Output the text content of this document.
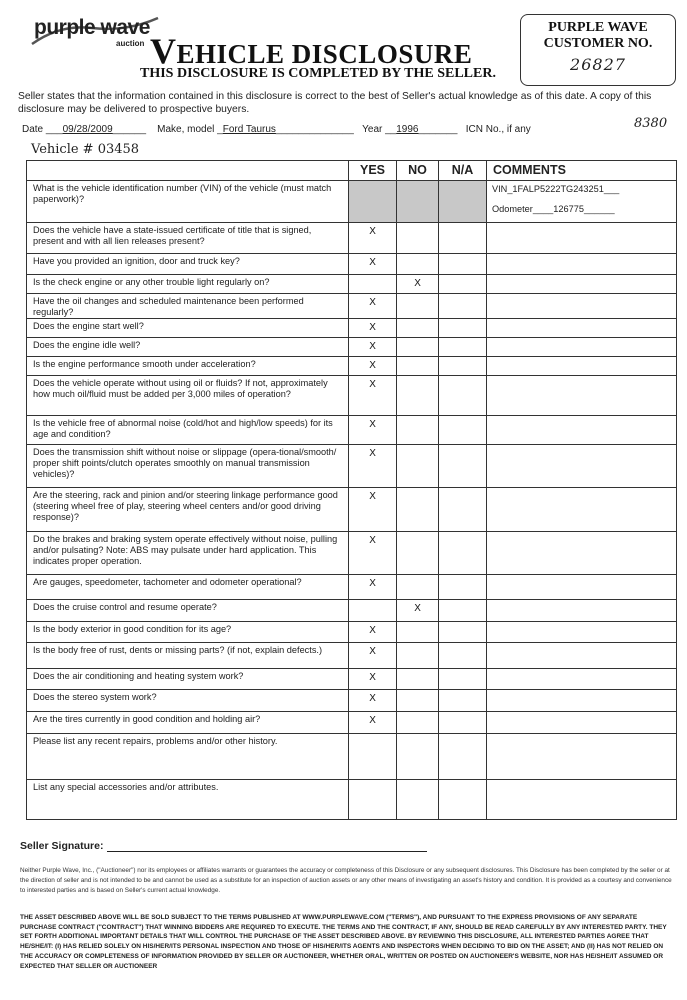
purple wave
auction VEHICLE DISCLOSURE
THIS DISCLOSURE IS COMPLETED BY THE SELLER.
PURPLE WAVE
CUSTOMER NO.
26827
Seller states that the information contained in this disclosure is correct to the best of Seller's actual knowledge as of this date. A copy of this disclosure may be delivered to prospective buyers.
Date ___09/28/2009______    Make, model _Ford Taurus______________   Year __1996_______   ICN No., if any	8380
Vehicle # 03458
	YES	NO	N/A	COMMENTS
What is the vehicle identification number (VIN) of the vehicle (must match paperwork)?				VIN_1FALP5222TG243251___
Odometer____126775______

Does the vehicle have a state-issued certificate of title that is signed, present and with all lien releases present?	X			
Have you provided an ignition, door and truck key?	X			
Is the check engine or any other trouble light regularly on?		X		
Have the oil changes and scheduled maintenance been performed regularly?	X			
Does the engine start well?	X			
Does the engine idle well?	X			
Is the engine performance smooth under acceleration?	X			
Does the vehicle operate without using oil or fluids? If not, approximately how much oil/fluid must be added per 3,000 miles of operation?	X			
Is the vehicle free of abnormal noise (cold/hot and high/low speeds) for its age and condition?	X			
Does the transmission shift without noise or slippage (opera-tional/smooth/ proper shift points/clutch operates smoothly on manual transmission vehicles)?	X			
Are the steering, rack and pinion and/or steering linkage performance good (steering wheel free of play, steering wheel centers and/or good driving response)?	X			
Do the brakes and braking system operate effectively without noise, pulling and/or pulsating? Note: ABS may pulsate under hard application. This indicates proper operation.	X			
Are gauges, speedometer, tachometer and odometer operational?	X			
Does the cruise control and resume operate?		X		
Is the body exterior in good condition for its age?	X			
Is the body free of rust, dents or missing parts? (if not, explain defects.)	X			
Does the air conditioning and heating system work?	X			
Does the stereo system work?	X			
Are the tires currently in good condition and holding air?	X			
Please list any recent repairs, problems and/or other history.				
List any special accessories and/or attributes.				
Seller Signature:
Neither Purple Wave, Inc., ("Auctioneer") nor its employees or affiliates warrants or guarantees the accuracy or completeness of this Disclosure or any subsequent disclosures. This Disclosure has been completed by the seller or at the direction of seller and is not intended to be and cannot be used as a substitute for an inspection of auction assets or any other means of investigating an asset's history and condition. It is provided as a courtesy and convenience to interested parties and is based on Seller's current actual knowledge.
THE ASSET DESCRIBED ABOVE WILL BE SOLD SUBJECT TO THE TERMS PUBLISHED AT WWW.PURPLEWAVE.COM ("TERMS"), AND PURSUANT TO THE EXPRESS PROVISIONS OF ANY SEPARATE PURCHASE CONTRACT ("CONTRACT") THAT WINNING BIDDERS ARE REQUIRED TO EXECUTE. THE TERMS AND THE CONTRACT, IF ANY, SHOULD BE READ CAREFULLY BY ANY INTERESTED PARTY. THEY SET FORTH ADDITIONAL IMPORTANT DETAILS THAT WILL CONTROL THE PURCHASE OF THE ASSET DESCRIBED ABOVE. BY REVIEWING THIS DISCLOSURE, ALL INTERESTED PARTIES AGREE THAT HE/SHE/IT: (I) HAS RELIED SOLELY ON HIS/HER/ITS PERSONAL INSPECTION AND THOSE OF HIS/HER/ITS AGENTS AND INSPECTORS WHEN DECIDING TO BID ON THE ASSET; AND (II) HAS NOT RELIED ON THE ACCURACY OR COMPLETENESS OF INFORMATION PROVIDED BY SELLER OR AUCTIONEER, WHETHER ORAL, WRITTEN OR POSTED ON AUCTIONEER'S WEBSITE, NOR HAS HE/SHE/IT ASSUMED OR EXPECTED THAT SELLER OR AUCTIONEER
